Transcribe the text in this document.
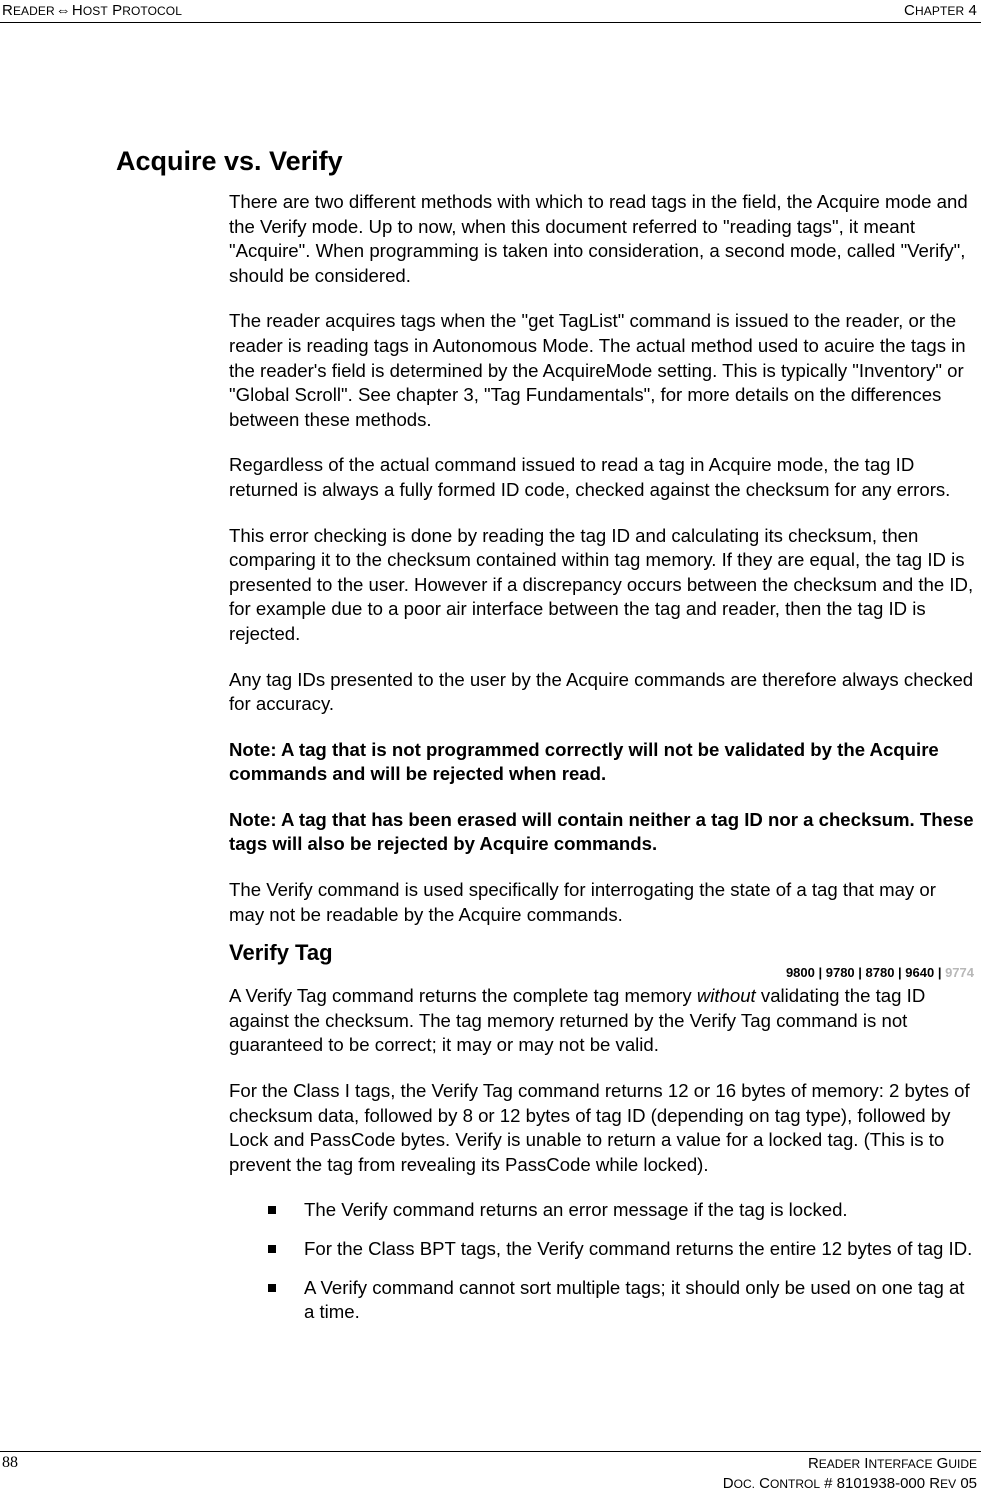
READER⇔HOST PROTOCOL	CHAPTER 4
Acquire vs. Verify

There are two different methods with which to read tags in the field, the Acquire mode and the Verify mode. Up to now, when this document referred to "reading tags", it meant "Acquire". When programming is taken into consideration, a second mode, called "Verify", should be considered.

The reader acquires tags when the "get TagList" command is issued to the reader, or the reader is reading tags in Autonomous Mode. The actual method used to acuire the tags in the reader's field is determined by the AcquireMode setting. This is typically "Inventory" or "Global Scroll". See chapter 3, "Tag Fundamentals", for more details on the differences between these methods.

Regardless of the actual command issued to read a tag in Acquire mode, the tag ID returned is always a fully formed ID code, checked against the checksum for any errors.

This error checking is done by reading the tag ID and calculating its checksum, then comparing it to the checksum contained within tag memory. If they are equal, the tag ID is presented to the user. However if a discrepancy occurs between the checksum and the ID, for example due to a poor air interface between the tag and reader, then the tag ID is rejected.

Any tag IDs presented to the user by the Acquire commands are therefore always checked for accuracy.

Note: A tag that is not programmed correctly will not be validated by the Acquire commands and will be rejected when read.

Note: A tag that has been erased will contain neither a tag ID nor a checksum. These tags will also be rejected by Acquire commands.

The Verify command is used specifically for interrogating the state of a tag that may or may not be readable by the Acquire commands.

Verify Tag
9800 | 9780 | 8780 | 9640 | 9774

A Verify Tag command returns the complete tag memory without validating the tag ID against the checksum. The tag memory returned by the Verify Tag command is not guaranteed to be correct; it may or may not be valid.

For the Class I tags, the Verify Tag command returns 12 or 16 bytes of memory: 2 bytes of checksum data, followed by 8 or 12 bytes of tag ID (depending on tag type), followed by Lock and PassCode bytes. Verify is unable to return a value for a locked tag. (This is to prevent the tag from revealing its PassCode while locked).

The Verify command returns an error message if the tag is locked.
For the Class BPT tags, the Verify command returns the entire 12 bytes of tag ID.
A Verify command cannot sort multiple tags; it should only be used on one tag at a time.
88	READER INTERFACE GUIDE
DOC. CONTROL # 8101938-000 REV 05
